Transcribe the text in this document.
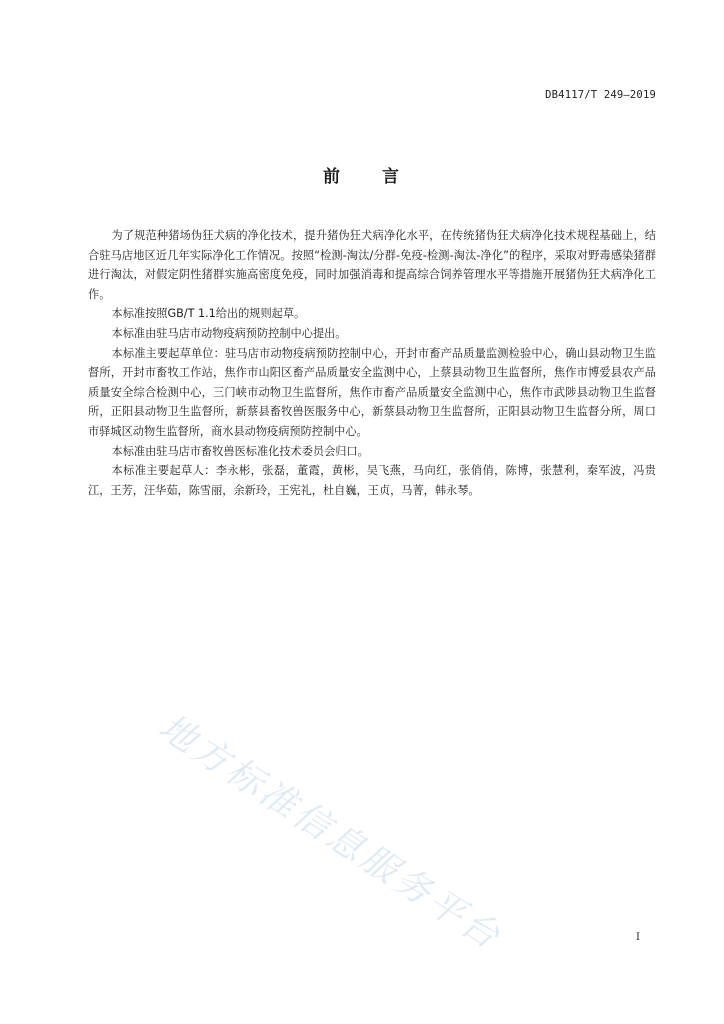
DB4117/T 249—2019
前 言

为了规范种猪场伪狂犬病的净化技术，提升猪伪狂犬病净化水平，在传统猪伪狂犬病净化技术规程基础上，结合驻马店地区近几年实际净化工作情况。按照“检测-淘汰/分群-免疫-检测-淘汰-净化”的程序，采取对野毒感染猪群进行淘汰，对假定阴性猪群实施高密度免疫，同时加强消毒和提高综合饲养管理水平等措施开展猪伪狂犬病净化工作。

本标准按照GB/T 1.1给出的规则起草。

本标准由驻马店市动物疫病预防控制中心提出。

本标准主要起草单位：驻马店市动物疫病预防控制中心，开封市畜产品质量监测检验中心，确山县动物卫生监督所，开封市畜牧工作站，焦作市山阳区畜产品质量安全监测中心，上蔡县动物卫生监督所，焦作市博爱县农产品质量安全综合检测中心，三门峡市动物卫生监督所，焦作市畜产品质量安全监测中心，焦作市武陟县动物卫生监督所，正阳县动物卫生监督所，新蔡县畜牧兽医服务中心，新蔡县动物卫生监督所，正阳县动物卫生监督分所，周口市驿城区动物生监督所，商水县动物疫病预防控制中心。

本标准由驻马店市畜牧兽医标准化技术委员会归口。

本标准主要起草人：李永彬，张磊，董霞，黄彬，吴飞燕，马向红，张俏俏，陈博，张慧利，秦军波，冯贵江，王芳，汪华茹，陈雪丽，余新玲，王宪礼，杜自巍，王贞，马菁，韩永琴。

地方标准信息服务平台	I
